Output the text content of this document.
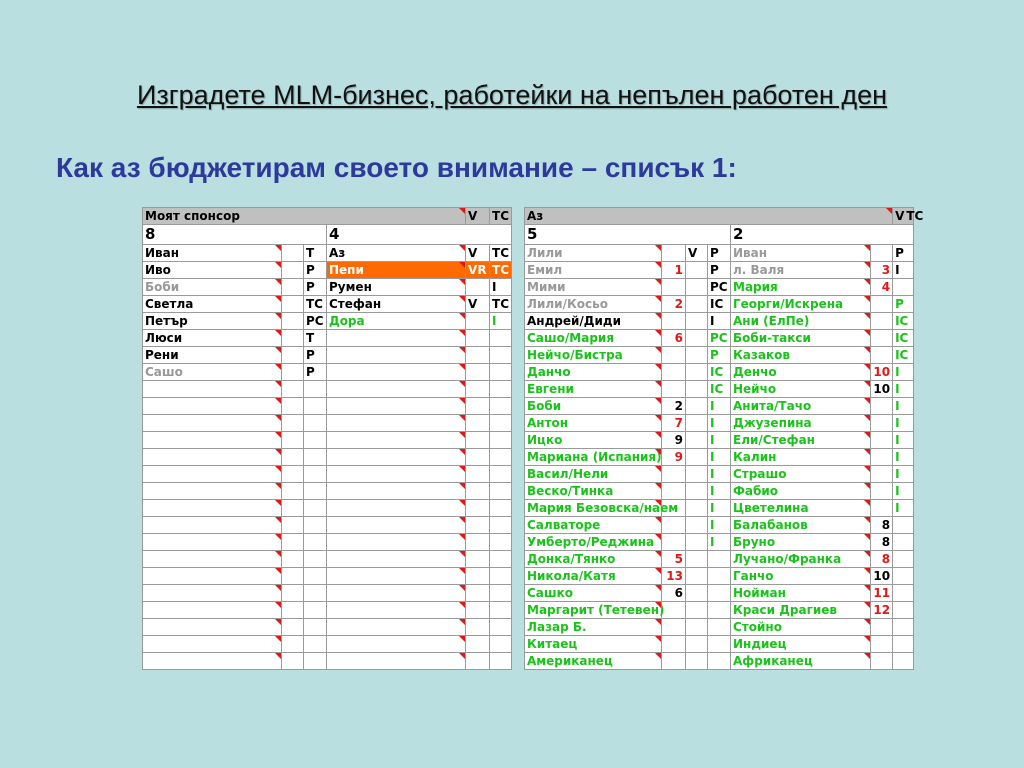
Изградете MLM-бизнес, работейки на непълен работен ден
Как аз бюджетирам своето внимание – списък 1:
Моят спонсор				V	TC
8			4		
Иван		T	Аз	V	TC
Иво		P	Пепи	VR	TC
Боби		P	Румен		I
Светла		TC	Стефан	V	TC
Петър		PC	Дора		I
Люси		T			
Рени		P			
Сашо		P			

Аз						V TC
5				2		
Лили		V	P	Иван		P
Емил	1		P	л. Валя	3	I
Мими			PC	Мария	4	
Лили/Косьо	2		IC	Георги/Искрена		P
Андрей/Диди			I	Ани (ЕлПе)		IC
Сашо/Мария	6		PC	Боби-такси		IC
Нейчо/Бистра			P	Казаков		IC
Данчо			IC	Денчо	10	I
Евгени			IC	Нейчо	10	I
Боби	2		I	Анита/Тачо		I
Антон	7		I	Джузепина		I
Ицко	9		I	Ели/Стефан		I
Мариана (Испания)	9		I	Калин		I
Васил/Нели			I	Страшо		I
Веско/Тинка			I	Фабио		I
Мария Безовска/наем			I	Цветелина		I
Салваторе			I	Балабанов	8	
Умберто/Реджина			I	Бруно	8	
Донка/Тянко	5			Лучано/Франка	8	
Никола/Катя	13			Ганчо	10	
Сашко	6			Нойман	11	
Маргарит (Тетевен)				Краси Драгиев	12	
Лазар Б.				Стойно		
Китаец				Индиец		
Американец				Африканец		
